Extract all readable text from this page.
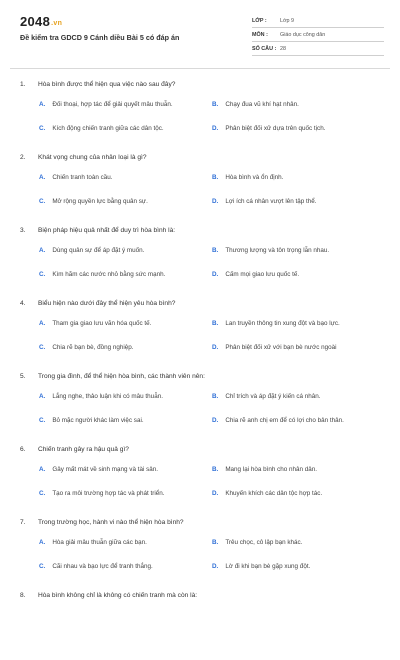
2048.vn
Đề kiểm tra GDCD 9 Cánh diều Bài 5 có đáp án
LỚP :	Lớp 9
MÔN :	Giáo dục công dân
SỐ CÂU : 28
1. Hòa bình được thể hiện qua việc nào sau đây?
A. Đối thoại, hợp tác để giải quyết mâu thuẫn.	B. Chạy đua vũ khí hạt nhân.
C. Kích động chiến tranh giữa các dân tộc.	D. Phân biệt đối xử dựa trên quốc tịch.
2. Khát vọng chung của nhân loại là gì?
A. Chiến tranh toàn cầu.	B. Hòa bình và ổn định.
C. Mở rộng quyền lực bằng quân sự.	D. Lợi ích cá nhân vượt lên tập thể.
3. Biện pháp hiệu quả nhất để duy trì hòa bình là:
A. Dùng quân sự để áp đặt ý muốn.	B. Thương lượng và tôn trọng lẫn nhau.
C. Kìm hãm các nước nhỏ bằng sức mạnh.	D. Cấm mọi giao lưu quốc tế.
4. Biểu hiện nào dưới đây thể hiện yêu hòa bình?
A. Tham gia giao lưu văn hóa quốc tế.	B. Lan truyền thông tin xung đột và bạo lực.
C. Chia rẽ bạn bè, đồng nghiệp.	D. Phân biệt đối xử với bạn bè nước ngoài
5. Trong gia đình, để thể hiện hòa bình, các thành viên nên:
A. Lắng nghe, thảo luận khi có mâu thuẫn.	B. Chỉ trích và áp đặt ý kiến cá nhân.
C. Bỏ mặc người khác làm việc sai.	D. Chia rẽ anh chị em để có lợi cho bản thân.
6. Chiến tranh gây ra hậu quả gì?
A. Gây mất mát về sinh mạng và tài sản.	B. Mang lại hòa bình cho nhân dân.
C. Tạo ra môi trường hợp tác và phát triển.	D. Khuyến khích các dân tộc hợp tác.
7. Trong trường học, hành vi nào thể hiện hòa bình?
A. Hòa giải mâu thuẫn giữa các bạn.	B. Trêu chọc, cô lập bạn khác.
C. Cãi nhau và bạo lực để tranh thắng.	D. Lờ đi khi bạn bè gặp xung đột.
8. Hòa bình không chỉ là không có chiến tranh mà còn là:
